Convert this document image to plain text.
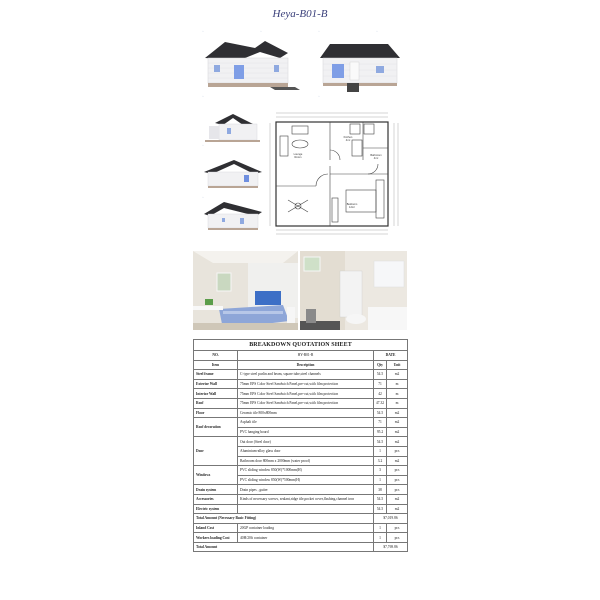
Heya-B01-B
◦	◦	◦	◦
◦	◦
◦
◦
Lounge
Room
Kitchen
4m²
Bathroom
4m²
Bedroom
12m²
BREAKDOWN QUOTATION SHEET			
NO.	HY-B01-B	DATE	
Item	Description	Qty	Unit
Steel frame	C-type steel purlin and beam, square tube,steel channels	54.5	m2
Exterior Wall	75mm EPS Color Steel Sandwich Panel,pre-cut,with film protection	71	m
Interior Wall	75mm EPS Color Steel Sandwich Panel,pre-cut,with film protection	42	m
Roof	75mm EPS Color Steel Sandwich Panel,pre-cut,with film protection	47.32	m
Floor	Ceramic tile 800x800mm	54.5	m2
Roof decoration	Asphalt tile	71	m2
	PVC hanging board	95.2	m2
Door	Out door (Steel door)	54.5	m2
	Aluminium-alloy glass door	1	pcs
	Bathroom door 800mm x 2000mm (water proof)	3.2	m2
Windows	PVC sliding window 850(W)*1000mm(H)	3	pcs
	PVC sliding window 850(W)*500mm(H)	1	pcs
Drain system	Drain pipes , gutter	38	pcs
Accessories	Kinds of necessary screws, sealant,ridge tile,pocket cover,flashing,channel iron	54.5	m2
Electric system		54.5	m2
Total Amount (Necessary Basic Fitting)		$7,019.86	
Inland Cost	20GP container loading	1	pcs
Workers loading Cost	40H/20ft container	1	pcs
Total Amount		$7,769.86	
